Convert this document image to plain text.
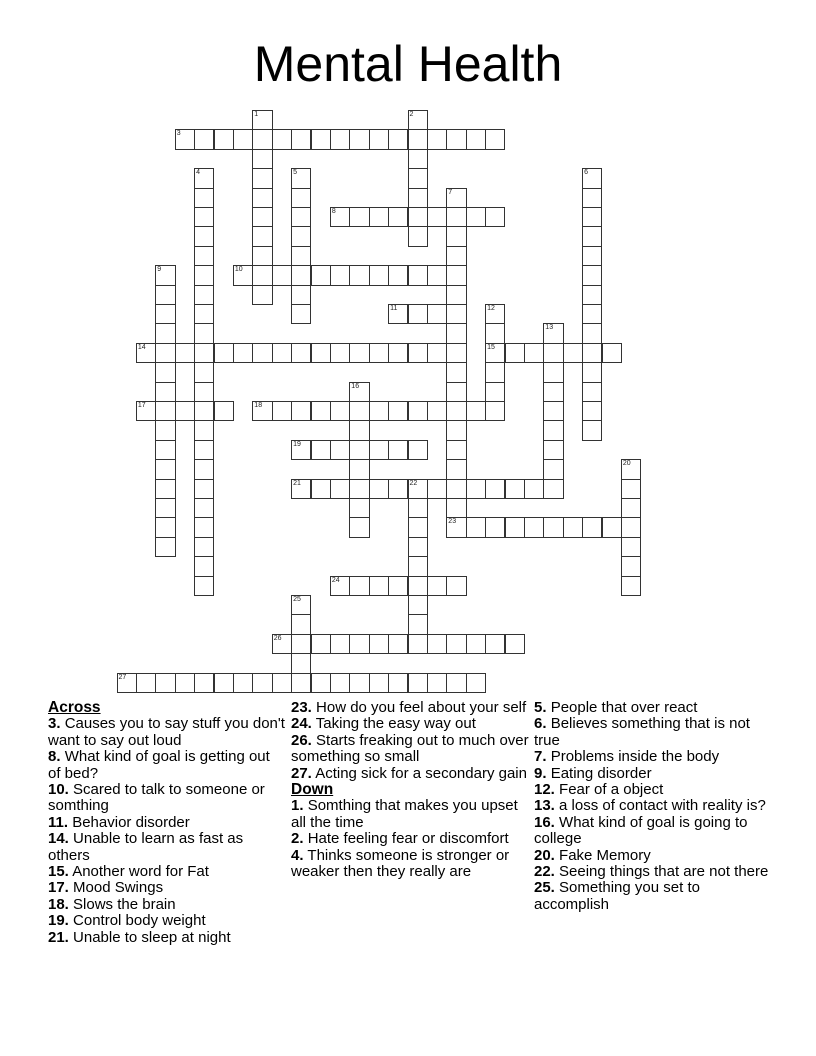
Mental Health
3
8
10
11
14	15
17	18
19
21	22
23
24
26
27
1	2
4	5	6
7
9
12
13
16
20
25
Across
3. Causes you to say stuff you don't want to say out loud
8. What kind of goal is getting out of bed?
10. Scared to talk to someone or somthing
11. Behavior disorder
14. Unable to learn as fast as others
15. Another word for Fat
17. Mood Swings
18. Slows the brain
19. Control body weight
21. Unable to sleep at night
23. How do you feel about your self
24. Taking the easy way out
26. Starts freaking out to much over something so small
27. Acting sick for a secondary gain
Down
1. Somthing that makes you upset all the time
2. Hate feeling fear or discomfort
4. Thinks someone is stronger or weaker then they really are
5. People that over react
6. Believes something that is not true
7. Problems inside the body
9. Eating disorder
12. Fear of a object
13. a loss of contact with reality is?
16. What kind of goal is going to college
20. Fake Memory
22. Seeing things that are not there
25. Something you set to accomplish
